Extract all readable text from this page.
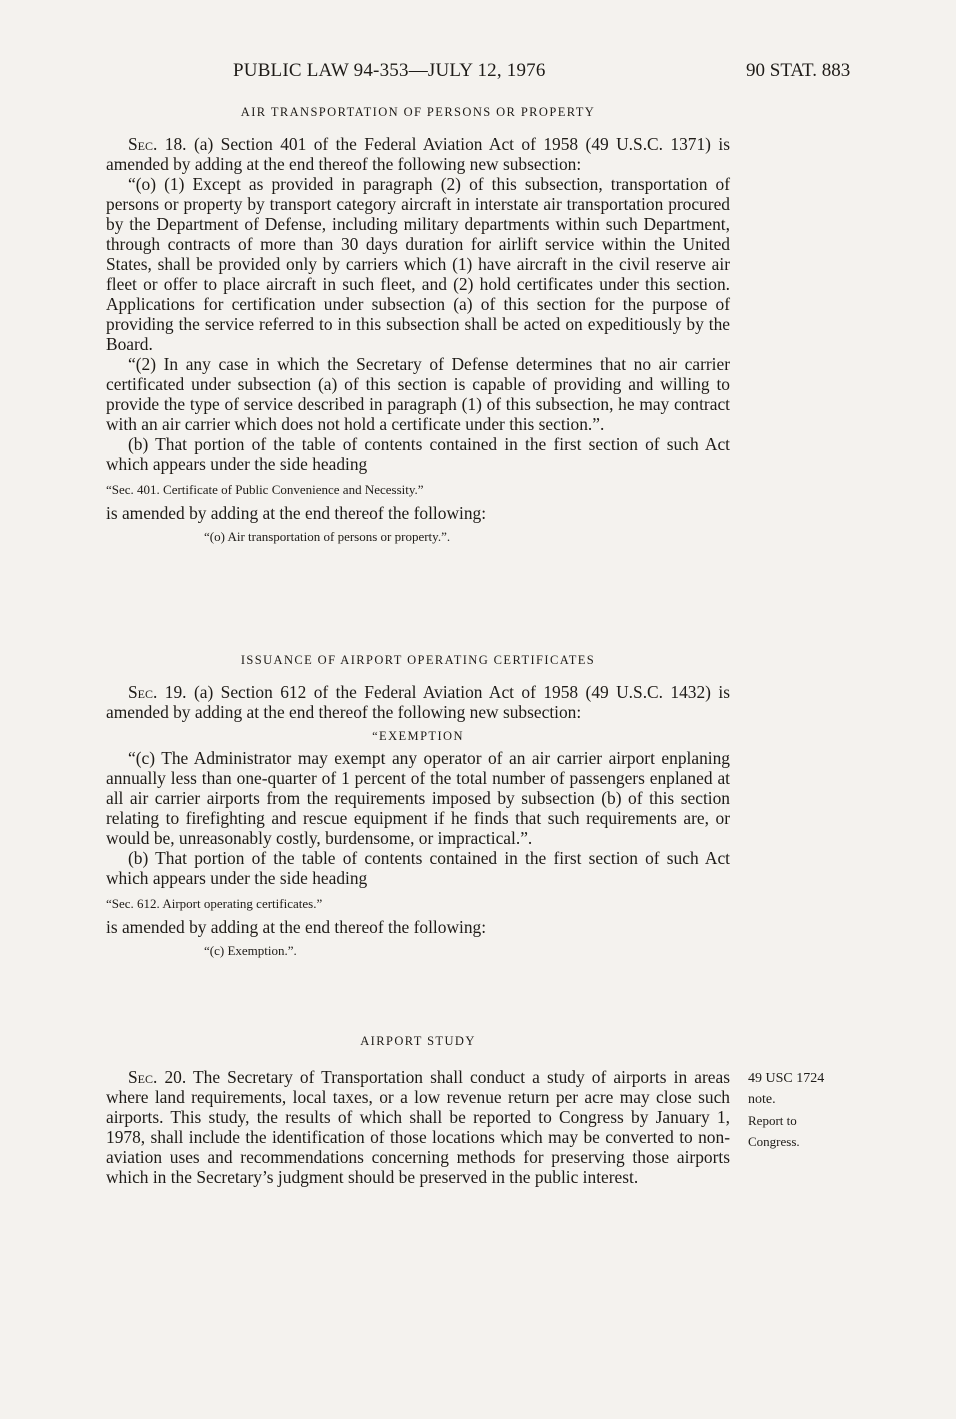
PUBLIC LAW 94-353—JULY 12, 1976	90 STAT. 883

AIR TRANSPORTATION OF PERSONS OR PROPERTY

Sec. 18. (a) Section 401 of the Federal Aviation Act of 1958 (49 U.S.C. 1371) is amended by adding at the end thereof the following new subsection:

“(o) (1) Except as provided in paragraph (2) of this subsection, transportation of persons or property by transport category aircraft in interstate air transportation procured by the Department of Defense, including military departments within such Department, through contracts of more than 30 days duration for airlift service within the United States, shall be provided only by carriers which (1) have aircraft in the civil reserve air fleet or offer to place aircraft in such fleet, and (2) hold certificates under this section. Applications for certification under subsection (a) of this section for the purpose of providing the service referred to in this subsection shall be acted on expeditiously by the Board.

“(2) In any case in which the Secretary of Defense determines that no air carrier certificated under subsection (a) of this section is capable of providing and willing to provide the type of service described in paragraph (1) of this subsection, he may contract with an air carrier which does not hold a certificate under this section.”.

(b) That portion of the table of contents contained in the first section of such Act which appears under the side heading

“Sec. 401. Certificate of Public Convenience and Necessity.”

is amended by adding at the end thereof the following:

“(o) Air transportation of persons or property.”.

ISSUANCE OF AIRPORT OPERATING CERTIFICATES

Sec. 19. (a) Section 612 of the Federal Aviation Act of 1958 (49 U.S.C. 1432) is amended by adding at the end thereof the following new subsection:

“EXEMPTION

“(c) The Administrator may exempt any operator of an air carrier airport enplaning annually less than one-quarter of 1 percent of the total number of passengers enplaned at all air carrier airports from the requirements imposed by subsection (b) of this section relating to firefighting and rescue equipment if he finds that such requirements are, or would be, unreasonably costly, burdensome, or impractical.”.

(b) That portion of the table of contents contained in the first section of such Act which appears under the side heading

“Sec. 612. Airport operating certificates.”

is amended by adding at the end thereof the following:

“(c) Exemption.”.

AIRPORT STUDY

Sec. 20. The Secretary of Transportation shall conduct a study of airports in areas where land requirements, local taxes, or a low revenue return per acre may close such airports. This study, the results of which shall be reported to Congress by January 1, 1978, shall include the identification of those locations which may be converted to non-aviation uses and recommendations concerning methods for preserving those airports which in the Secretary’s judgment should be preserved in the public interest.

49 USC 1724
note.
Report to
Congress.
